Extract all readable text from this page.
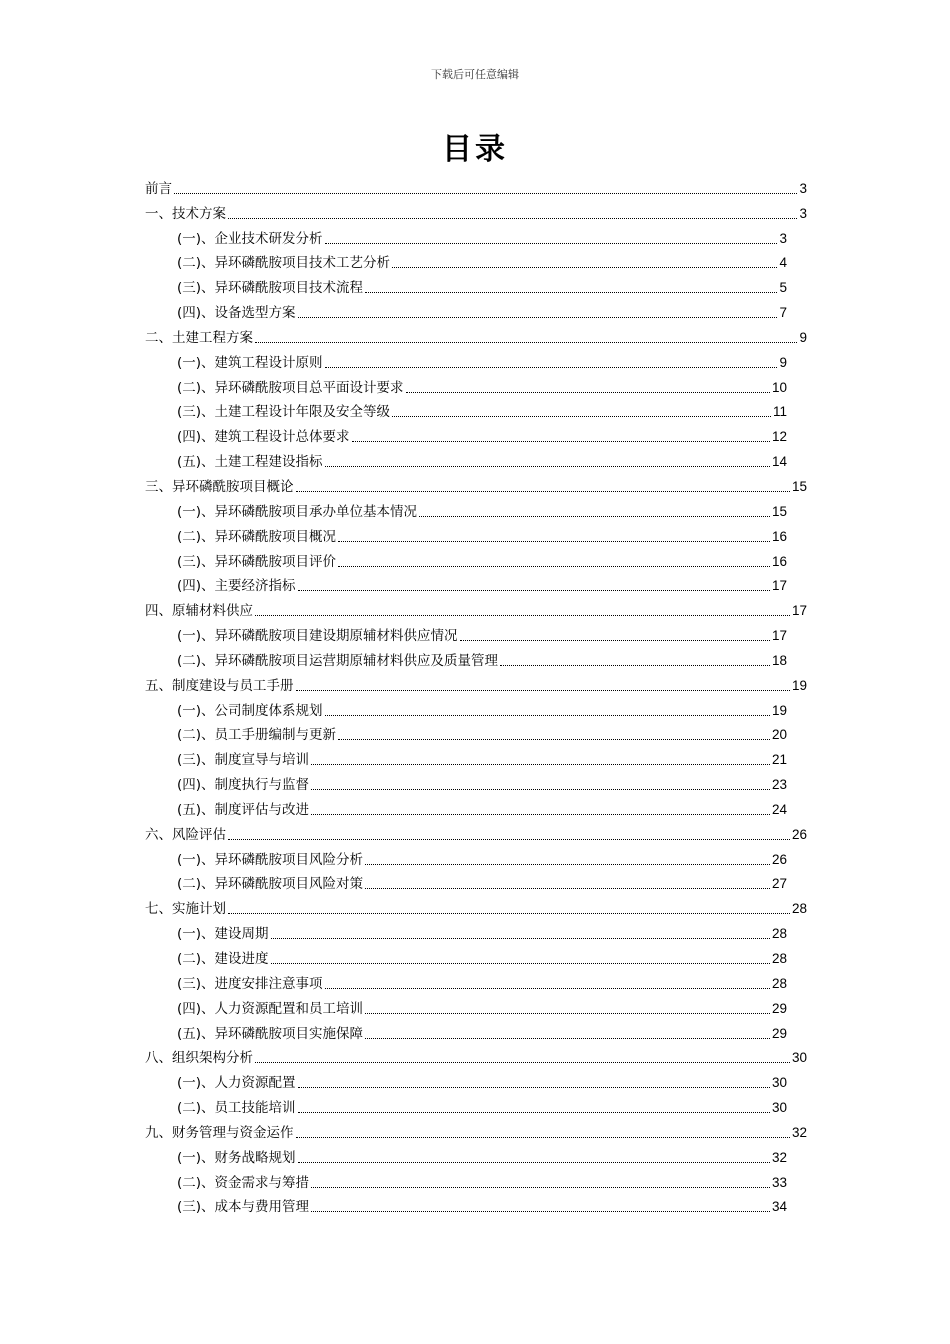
下载后可任意编辑
目录
前言	3
一、技术方案	3
(一)、企业技术研发分析	3
(二)、异环磷酰胺项目技术工艺分析	4
(三)、异环磷酰胺项目技术流程	5
(四)、设备选型方案	7
二、土建工程方案	9
(一)、建筑工程设计原则	9
(二)、异环磷酰胺项目总平面设计要求	10
(三)、土建工程设计年限及安全等级	11
(四)、建筑工程设计总体要求	12
(五)、土建工程建设指标	14
三、异环磷酰胺项目概论	15
(一)、异环磷酰胺项目承办单位基本情况	15
(二)、异环磷酰胺项目概况	16
(三)、异环磷酰胺项目评价	16
(四)、主要经济指标	17
四、原辅材料供应	17
(一)、异环磷酰胺项目建设期原辅材料供应情况	17
(二)、异环磷酰胺项目运营期原辅材料供应及质量管理	18
五、制度建设与员工手册	19
(一)、公司制度体系规划	19
(二)、员工手册编制与更新	20
(三)、制度宣导与培训	21
(四)、制度执行与监督	23
(五)、制度评估与改进	24
六、风险评估	26
(一)、异环磷酰胺项目风险分析	26
(二)、异环磷酰胺项目风险对策	27
七、实施计划	28
(一)、建设周期	28
(二)、建设进度	28
(三)、进度安排注意事项	28
(四)、人力资源配置和员工培训	29
(五)、异环磷酰胺项目实施保障	29
八、组织架构分析	30
(一)、人力资源配置	30
(二)、员工技能培训	30
九、财务管理与资金运作	32
(一)、财务战略规划	32
(二)、资金需求与筹措	33
(三)、成本与费用管理	34
